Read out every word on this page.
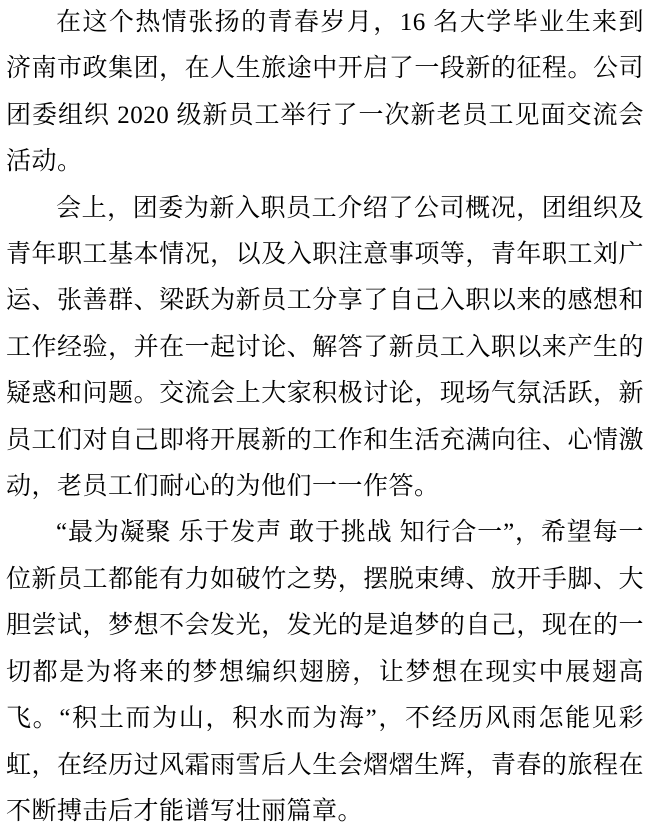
在这个热情张扬的青春岁月，16 名大学毕业生来到济南市政集团，在人生旅途中开启了一段新的征程。公司团委组织 2020 级新员工举行了一次新老员工见面交流会活动。

会上，团委为新入职员工介绍了公司概况，团组织及青年职工基本情况，以及入职注意事项等，青年职工刘广运、张善群、梁跃为新员工分享了自己入职以来的感想和工作经验，并在一起讨论、解答了新员工入职以来产生的疑惑和问题。交流会上大家积极讨论，现场气氛活跃，新员工们对自己即将开展新的工作和生活充满向往、心情激动，老员工们耐心的为他们一一作答。

“最为凝聚 乐于发声 敢于挑战 知行合一”，希望每一位新员工都能有力如破竹之势，摆脱束缚、放开手脚、大胆尝试，梦想不会发光，发光的是追梦的自己，现在的一切都是为将来的梦想编织翅膀，让梦想在现实中展翅高飞。“积土而为山，积水而为海”，不经历风雨怎能见彩虹，在经历过风霜雨雪后人生会熠熠生辉，青春的旅程在不断搏击后才能谱写壮丽篇章。
